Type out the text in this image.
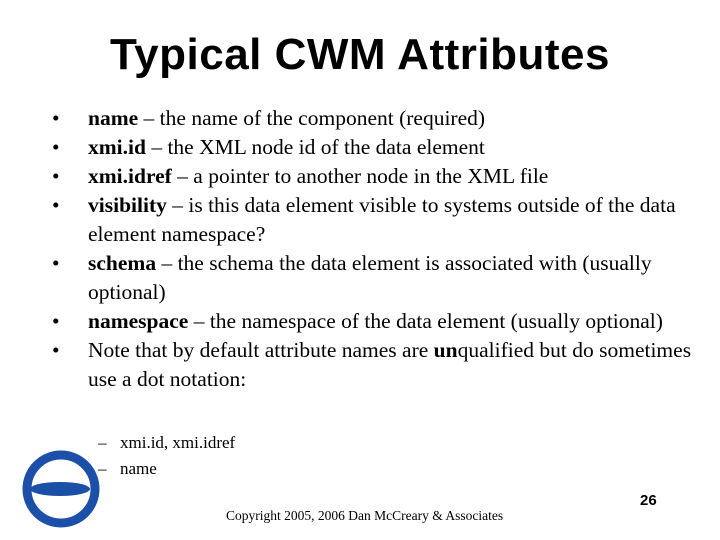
Typical CWM Attributes
• name – the name of the component (required)
• xmi.id – the XML node id of the data element
• xmi.idref – a pointer to another node in the XML file
• visibility – is this data element visible to systems outside of the data element namespace?
• schema – the schema the data element is associated with (usually optional)
• namespace – the namespace of the data element (usually optional)
• Note that by default attribute names are unqualified but do sometimes use a dot notation:
– xmi.id, xmi.idref
– name
Copyright 2005, 2006 Dan McCreary & Associates
26
